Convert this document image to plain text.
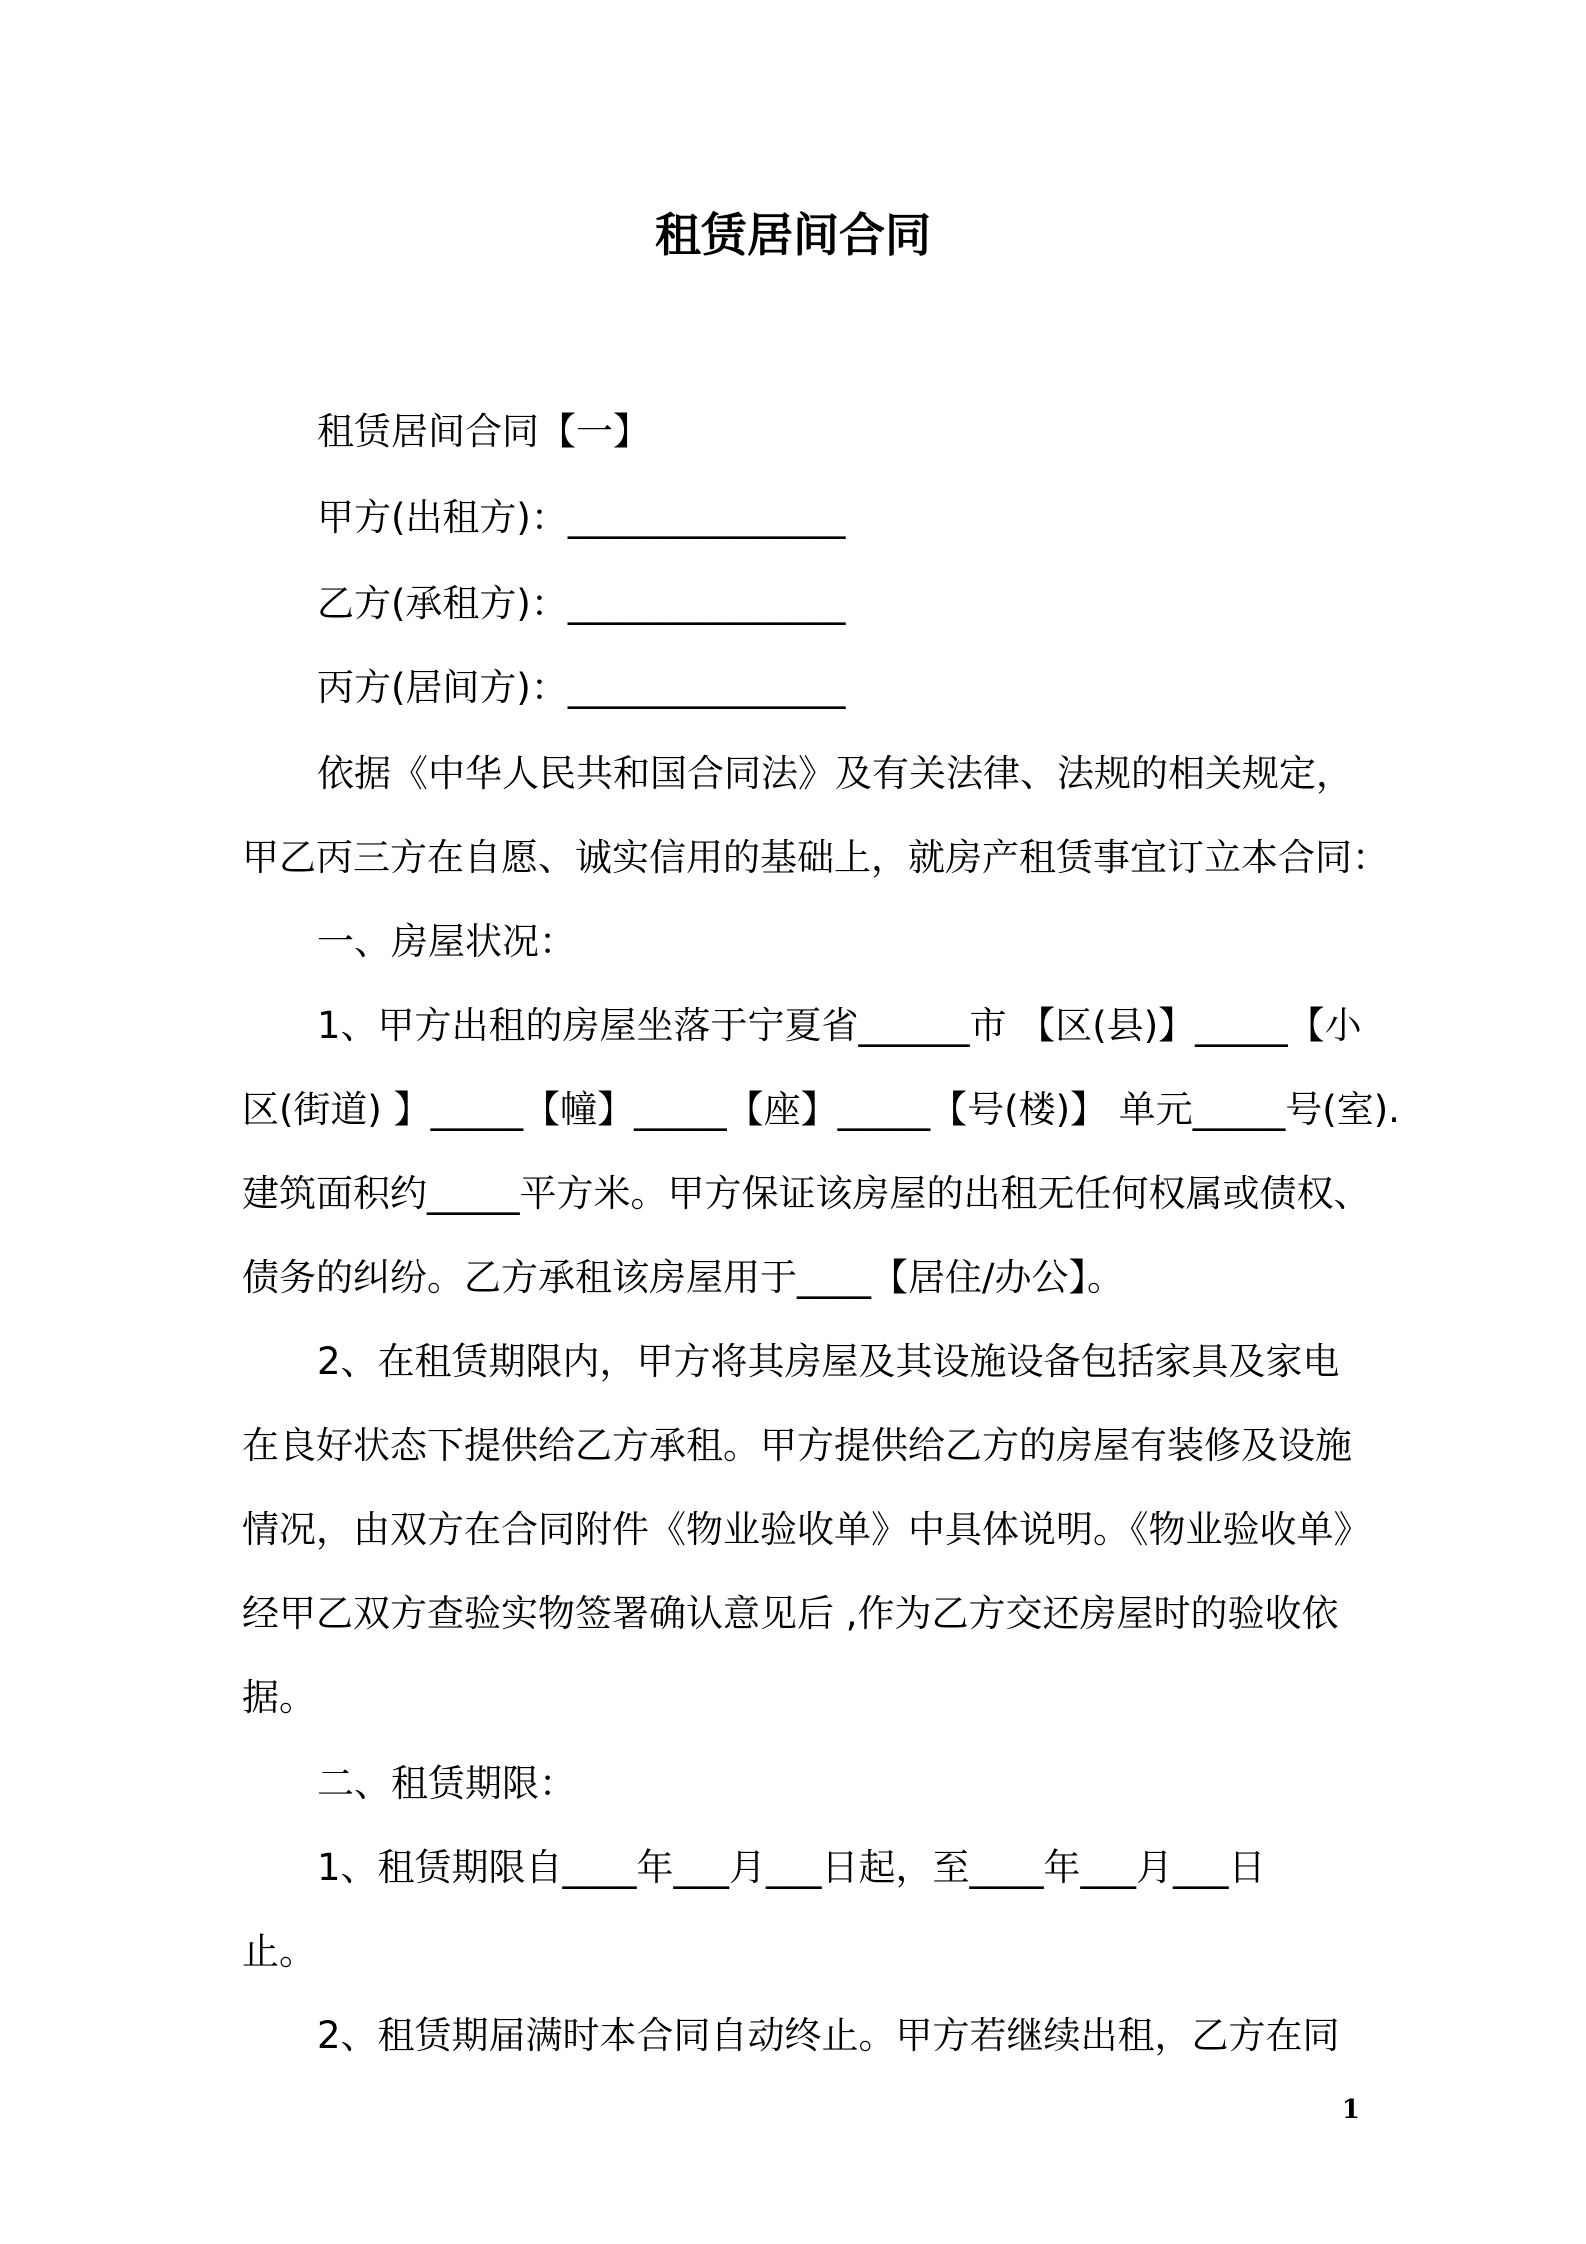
租赁居间合同

租赁居间合同【一】

甲方(出租方)：_______________

乙方(承租方)：_______________

丙方(居间方)：_______________

依据《中华人民共和国合同法》及有关法律、法规的相关规定，

甲乙丙三方在自愿、诚实信用的基础上，就房产租赁事宜订立本合同：

一、房屋状况：

1、甲方出租的房屋坐落于宁夏省______市 【区(县)】_____【小

区(街道) 】_____【幢】_____【座】_____【号(楼)】 单元_____号(室).

建筑面积约_____平方米。甲方保证该房屋的出租无任何权属或债权、

债务的纠纷。乙方承租该房屋用于____【居住/办公】。

2、在租赁期限内，甲方将其房屋及其设施设备包括家具及家电

在良好状态下提供给乙方承租。甲方提供给乙方的房屋有装修及设施

情况，由双方在合同附件《物业验收单》中具体说明。《物业验收单》

经甲乙双方查验实物签署确认意见后 ,作为乙方交还房屋时的验收依

据。

二、租赁期限：

1、租赁期限自____年___月___日起，至____年___月___日

止。

2、租赁期届满时本合同自动终止。甲方若继续出租，乙方在同

1
